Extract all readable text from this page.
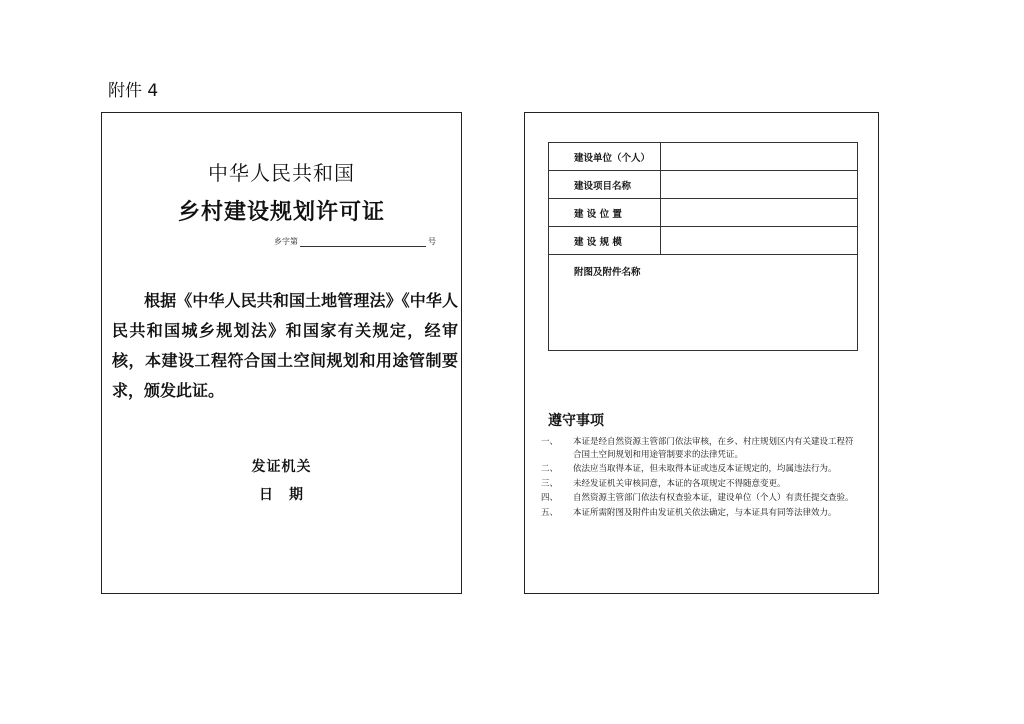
附件 4
中华人民共和国
乡村建设规划许可证
乡字第	号
根据《中华人民共和国土地管理法》《中华人民共和国城乡规划法》和国家有关规定，经审核，本建设工程符合国土空间规划和用途管制要求，颁发此证。
发证机关
日　期
建设单位（个人）	
建设项目名称	
建 设 位 置	
建 设 规 模	
附图及附件名称	
遵守事项
一、	本证是经自然资源主管部门依法审核，在乡、村庄规划区内有关建设工程符合国土空间规划和用途管制要求的法律凭证。
二、	依法应当取得本证，但未取得本证或违反本证规定的，均属违法行为。
三、	未经发证机关审核同意，本证的各项规定不得随意变更。
四、	自然资源主管部门依法有权查验本证，建设单位（个人）有责任提交查验。
五、	本证所需附图及附件由发证机关依法确定，与本证具有同等法律效力。
